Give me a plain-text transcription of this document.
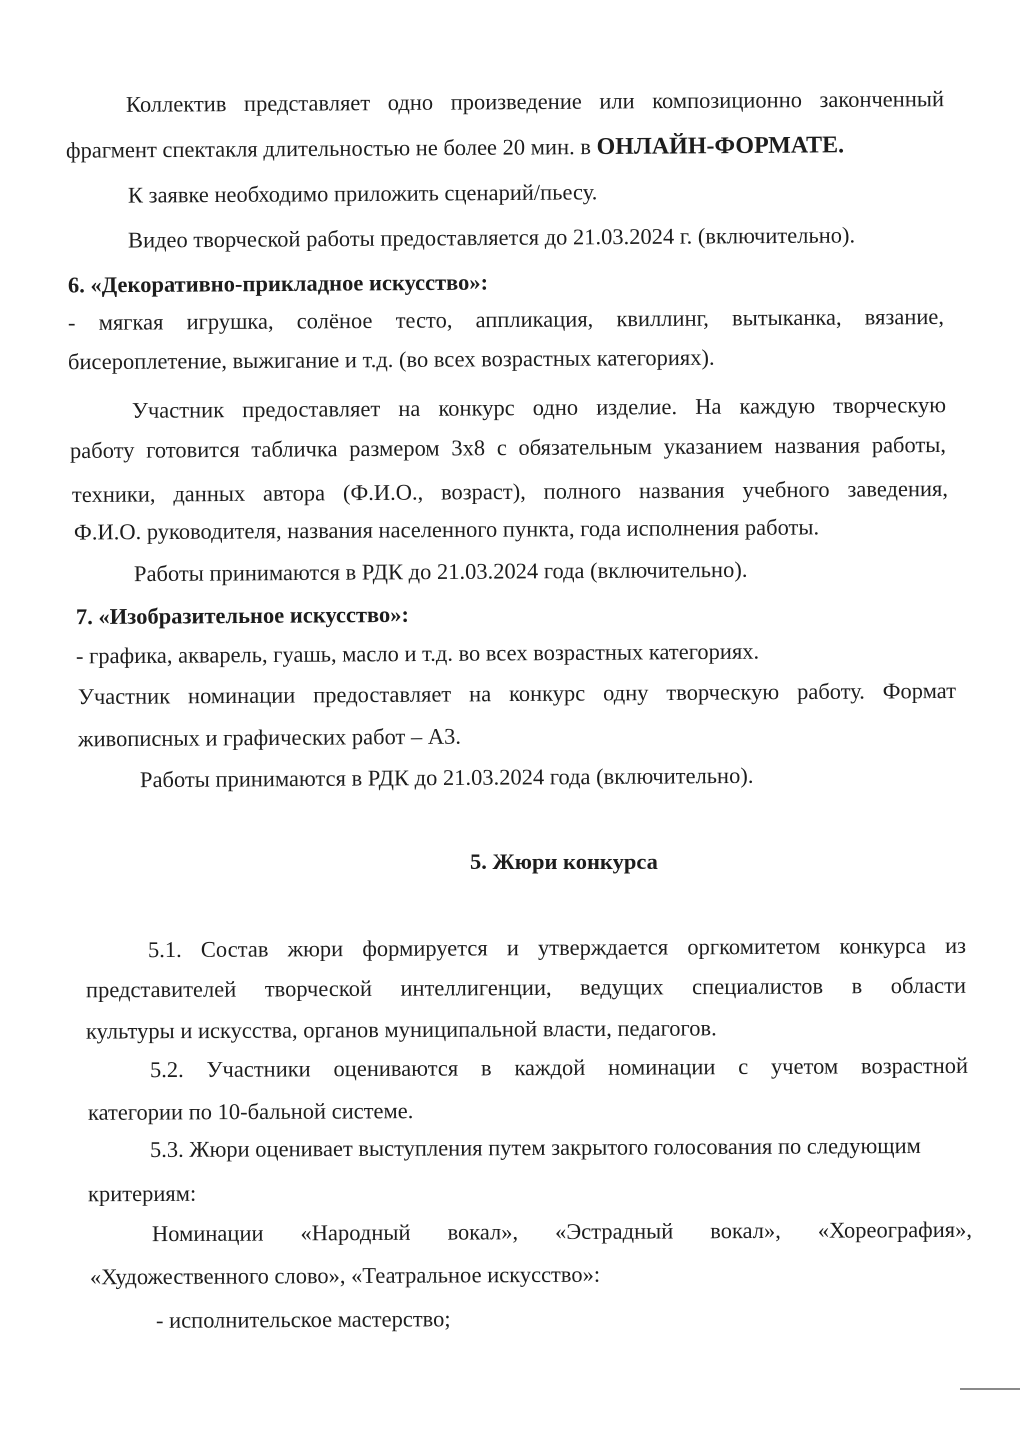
Коллектив представляет одно произведение или композиционно законченный

фрагмент спектакля длительностью не более 20 мин. в ОНЛАЙН-ФОРМАТЕ.

К заявке необходимо приложить сценарий/пьесу.

Видео творческой работы предоставляется до 21.03.2024 г. (включительно).

6. «Декоративно-прикладное искусство»:

- мягкая игрушка, солёное тесто, аппликация, квиллинг, вытыканка, вязание,

бисероплетение, выжигание и т.д. (во всех возрастных категориях).

Участник предоставляет на конкурс одно изделие. На каждую творческую

работу готовится табличка размером 3х8 с обязательным указанием названия работы,

техники, данных автора (Ф.И.О., возраст), полного названия учебного заведения,

Ф.И.О. руководителя, названия населенного пункта, года исполнения работы.

Работы принимаются в РДК до 21.03.2024 года (включительно).

7. «Изобразительное искусство»:

- графика, акварель, гуашь, масло и т.д. во всех возрастных категориях.

Участник номинации предоставляет на конкурс одну творческую работу. Формат

живописных и графических работ – А3.

Работы принимаются в РДК до 21.03.2024 года (включительно).

5. Жюри конкурса

5.1. Состав жюри формируется и утверждается оргкомитетом конкурса из

представителей творческой интеллигенции, ведущих специалистов в области

культуры и искусства, органов муниципальной власти, педагогов.

5.2. Участники оцениваются в каждой номинации с учетом возрастной

категории по 10-бальной системе.

5.3. Жюри оценивает выступления путем закрытого голосования по следующим

критериям:

Номинации «Народный вокал», «Эстрадный вокал», «Хореография»,

«Художественного слово», «Театральное искусство»:

- исполнительское мастерство;
